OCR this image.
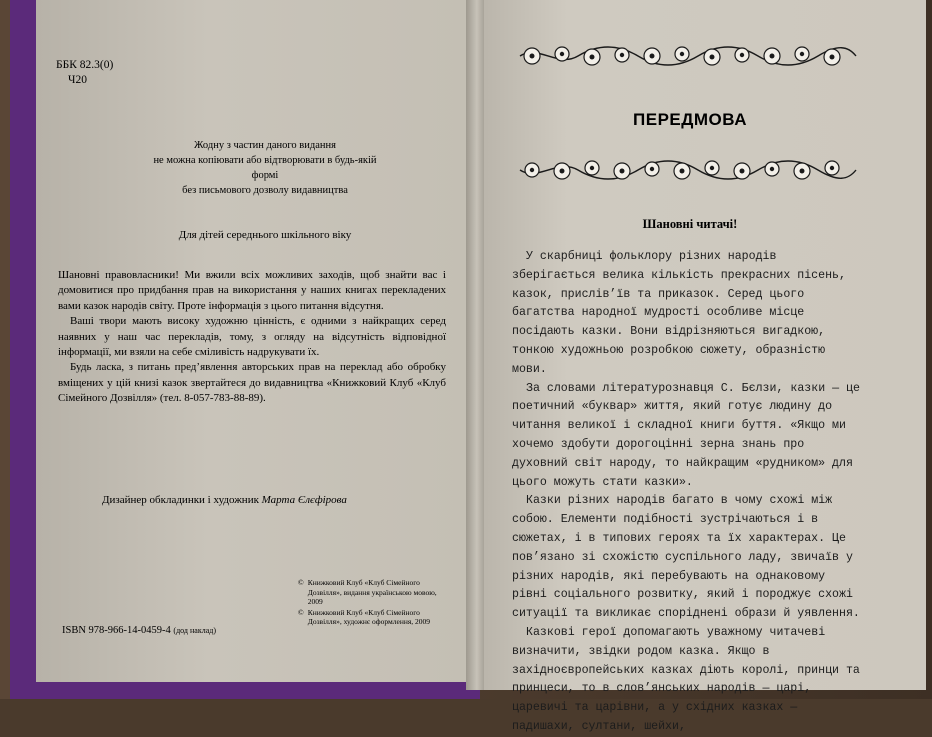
ББК 82.3(0)
Ч20
Жодну з частин даного видання
не можна копіювати або відтворювати в будь-якій формі
без письмового дозволу видавництва
Для дітей середнього шкільного віку

Шановні правовласники! Ми вжили всіх можливих заходів, щоб знайти вас і домовитися про придбання прав на використання у наших книгах перекладених вами казок народів світу. Проте інформація з цього питання відсутня.

Ваші твори мають високу художню цінність, є одними з найкращих серед наявних у наш час перекладів, тому, з огляду на відсутність відповідної інформації, ми взяли на себе сміливість надрукувати їх.

Будь ласка, з питань пред’явлення авторських прав на переклад або обробку вміщених у цій книзі казок звертайтеся до видавництва «Книжковий Клуб «Клуб Сімейного Дозвілля» (тел. 8-057-783-88-89).

Дизайнер обкладинки і художник Марта Єлєфірова
© Книжковий Клуб «Клуб Сімейного Дозвілля», видання українською мовою, 2009
© Книжковий Клуб «Клуб Сімейного Дозвілля», художнє оформлення, 2009
ISBN 978-966-14-0459-4 (дод наклад)
ПЕРЕДМОВА
Шановні читачі!

У скарбниці фольклору різних народів зберігається велика кількість прекрасних пісень, казок, прислів’їв та приказок. Серед цього багатства народної мудрості особливе місце посідають казки. Вони відрізняються вигадкою, тонкою художньою розробкою сюжету, образністю мови.

За словами літературознавця С. Бєлзи, казки — це поетичний «буквар» життя, який готує людину до читання великої і складної книги буття. «Якщо ми хочемо здобути дорогоцінні зерна знань про духовний світ народу, то найкращим «рудником» для цього можуть стати казки».

Казки різних народів багато в чому схожі між собою. Елементи подібності зустрічаються і в сюжетах, і в типових героях та їх характерах. Це пов’язано зі схожістю суспільного ладу, звичаїв у різних народів, які перебувають на однаковому рівні соціального розвитку, який і породжує схожі ситуації та викликає споріднені образи й уявлення.

Казкові герої допомагають уважному читачеві визначити, звідки родом казка. Якщо в західноєвропейських казках діють королі, принци та принцеси, то в слов’янських народів — царі, царевичі та царівни, а у східних казках — падишахи, султани, шейхи,
